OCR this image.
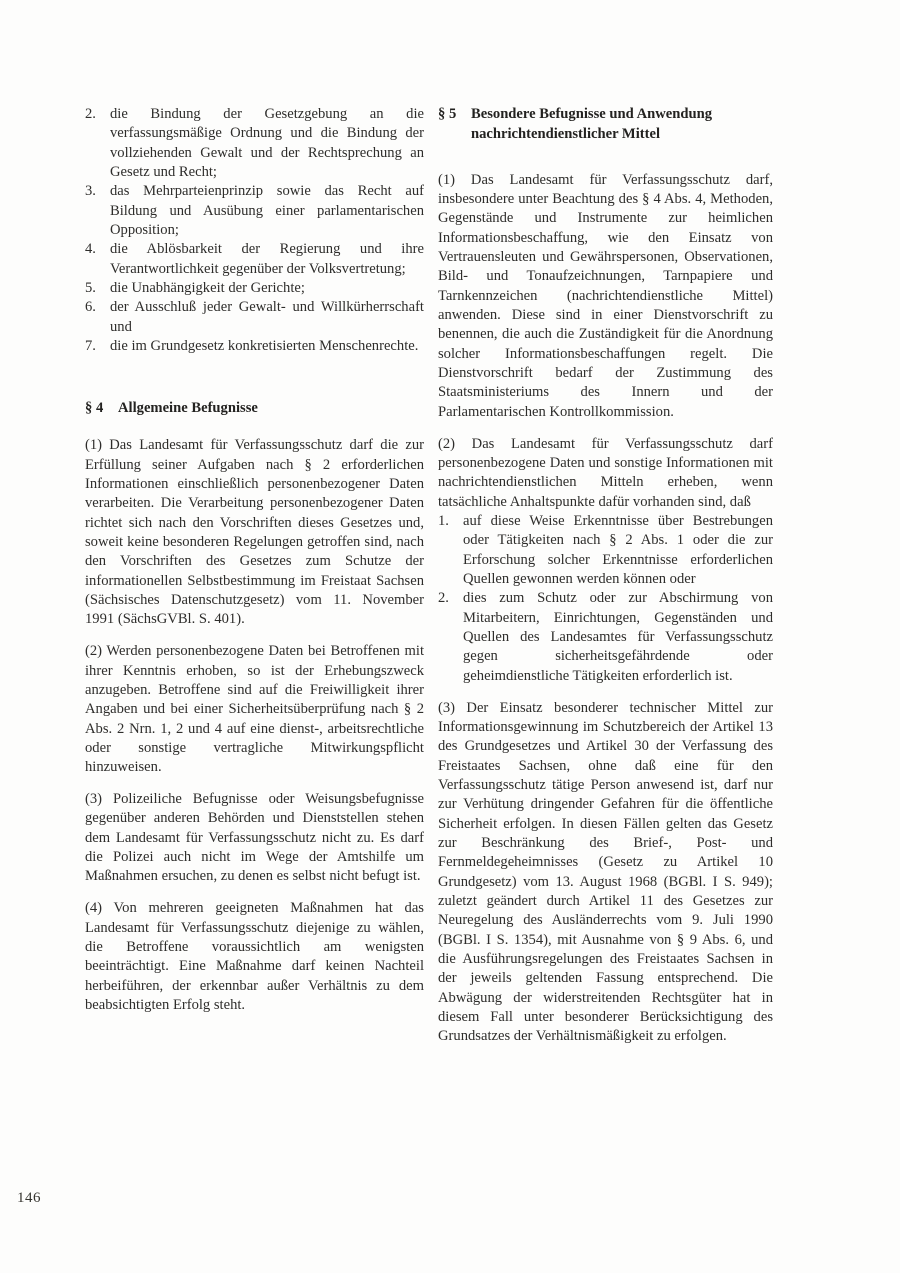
2. die Bindung der Gesetzgebung an die verfassungsmäßige Ordnung und die Bindung der vollziehenden Gewalt und der Rechtsprechung an Gesetz und Recht;
3. das Mehrparteienprinzip sowie das Recht auf Bildung und Ausübung einer parlamentarischen Opposition;
4. die Ablösbarkeit der Regierung und ihre Verantwortlichkeit gegenüber der Volksvertretung;
5. die Unabhängigkeit der Gerichte;
6. der Ausschluß jeder Gewalt- und Willkürherrschaft und
7. die im Grundgesetz konkretisierten Menschenrechte.
§ 4	Allgemeine Befugnisse

(1) Das Landesamt für Verfassungsschutz darf die zur Erfüllung seiner Aufgaben nach § 2 erforderlichen Informationen einschließlich personenbezogener Daten verarbeiten. Die Verarbeitung personenbezogener Daten richtet sich nach den Vorschriften dieses Gesetzes und, soweit keine besonderen Regelungen getroffen sind, nach den Vorschriften des Gesetzes zum Schutze der informationellen Selbstbestimmung im Freistaat Sachsen (Sächsisches Datenschutzgesetz) vom 11. November 1991 (SächsGVBl. S. 401).

(2) Werden personenbezogene Daten bei Betroffenen mit ihrer Kenntnis erhoben, so ist der Erhebungszweck anzugeben. Betroffene sind auf die Freiwilligkeit ihrer Angaben und bei einer Sicherheitsüberprüfung nach § 2 Abs. 2 Nrn. 1, 2 und 4 auf eine dienst-, arbeitsrechtliche oder sonstige vertragliche Mitwirkungspflicht hinzuweisen.

(3) Polizeiliche Befugnisse oder Weisungsbefugnisse gegenüber anderen Behörden und Dienststellen stehen dem Landesamt für Verfassungsschutz nicht zu. Es darf die Polizei auch nicht im Wege der Amtshilfe um Maßnahmen ersuchen, zu denen es selbst nicht befugt ist.

(4) Von mehreren geeigneten Maßnahmen hat das Landesamt für Verfassungsschutz diejenige zu wählen, die Betroffene voraussichtlich am wenigsten beeinträchtigt. Eine Maßnahme darf keinen Nachteil herbeiführen, der erkennbar außer Verhältnis zu dem beabsichtigten Erfolg steht.

§ 5	Besondere Befugnisse und Anwendung nachrichtendienstlicher Mittel

(1) Das Landesamt für Verfassungsschutz darf, insbesondere unter Beachtung des § 4 Abs. 4, Methoden, Gegenstände und Instrumente zur heimlichen Informationsbeschaffung, wie den Einsatz von Vertrauensleuten und Gewährspersonen, Observationen, Bild- und Tonaufzeichnungen, Tarnpapiere und Tarnkennzeichen (nachrichtendienstliche Mittel) anwenden. Diese sind in einer Dienstvorschrift zu benennen, die auch die Zuständigkeit für die Anordnung solcher Informationsbeschaffungen regelt. Die Dienstvorschrift bedarf der Zustimmung des Staatsministeriums des Innern und der Parlamentarischen Kontrollkommission.

(2) Das Landesamt für Verfassungsschutz darf personenbezogene Daten und sonstige Informationen mit nachrichtendienstlichen Mitteln erheben, wenn tatsächliche Anhaltspunkte dafür vorhanden sind, daß

1. auf diese Weise Erkenntnisse über Bestrebungen oder Tätigkeiten nach § 2 Abs. 1 oder die zur Erforschung solcher Erkenntnisse erforderlichen Quellen gewonnen werden können oder
2. dies zum Schutz oder zur Abschirmung von Mitarbeitern, Einrichtungen, Gegenständen und Quellen des Landesamtes für Verfassungsschutz gegen sicherheitsgefährdende oder geheimdienstliche Tätigkeiten erforderlich ist.

(3) Der Einsatz besonderer technischer Mittel zur Informationsgewinnung im Schutzbereich der Artikel 13 des Grundgesetzes und Artikel 30 der Verfassung des Freistaates Sachsen, ohne daß eine für den Verfassungsschutz tätige Person anwesend ist, darf nur zur Verhütung dringender Gefahren für die öffentliche Sicherheit erfolgen. In diesen Fällen gelten das Gesetz zur Beschränkung des Brief-, Post- und Fernmeldegeheimnisses (Gesetz zu Artikel 10 Grundgesetz) vom 13. August 1968 (BGBl. I S. 949); zuletzt geändert durch Artikel 11 des Gesetzes zur Neuregelung des Ausländerrechts vom 9. Juli 1990 (BGBl. I S. 1354), mit Ausnahme von § 9 Abs. 6, und die Ausführungsregelungen des Freistaates Sachsen in der jeweils geltenden Fassung entsprechend. Die Abwägung der widerstreitenden Rechtsgüter hat in diesem Fall unter besonderer Berücksichtigung des Grundsatzes der Verhältnismäßigkeit zu erfolgen.

146
